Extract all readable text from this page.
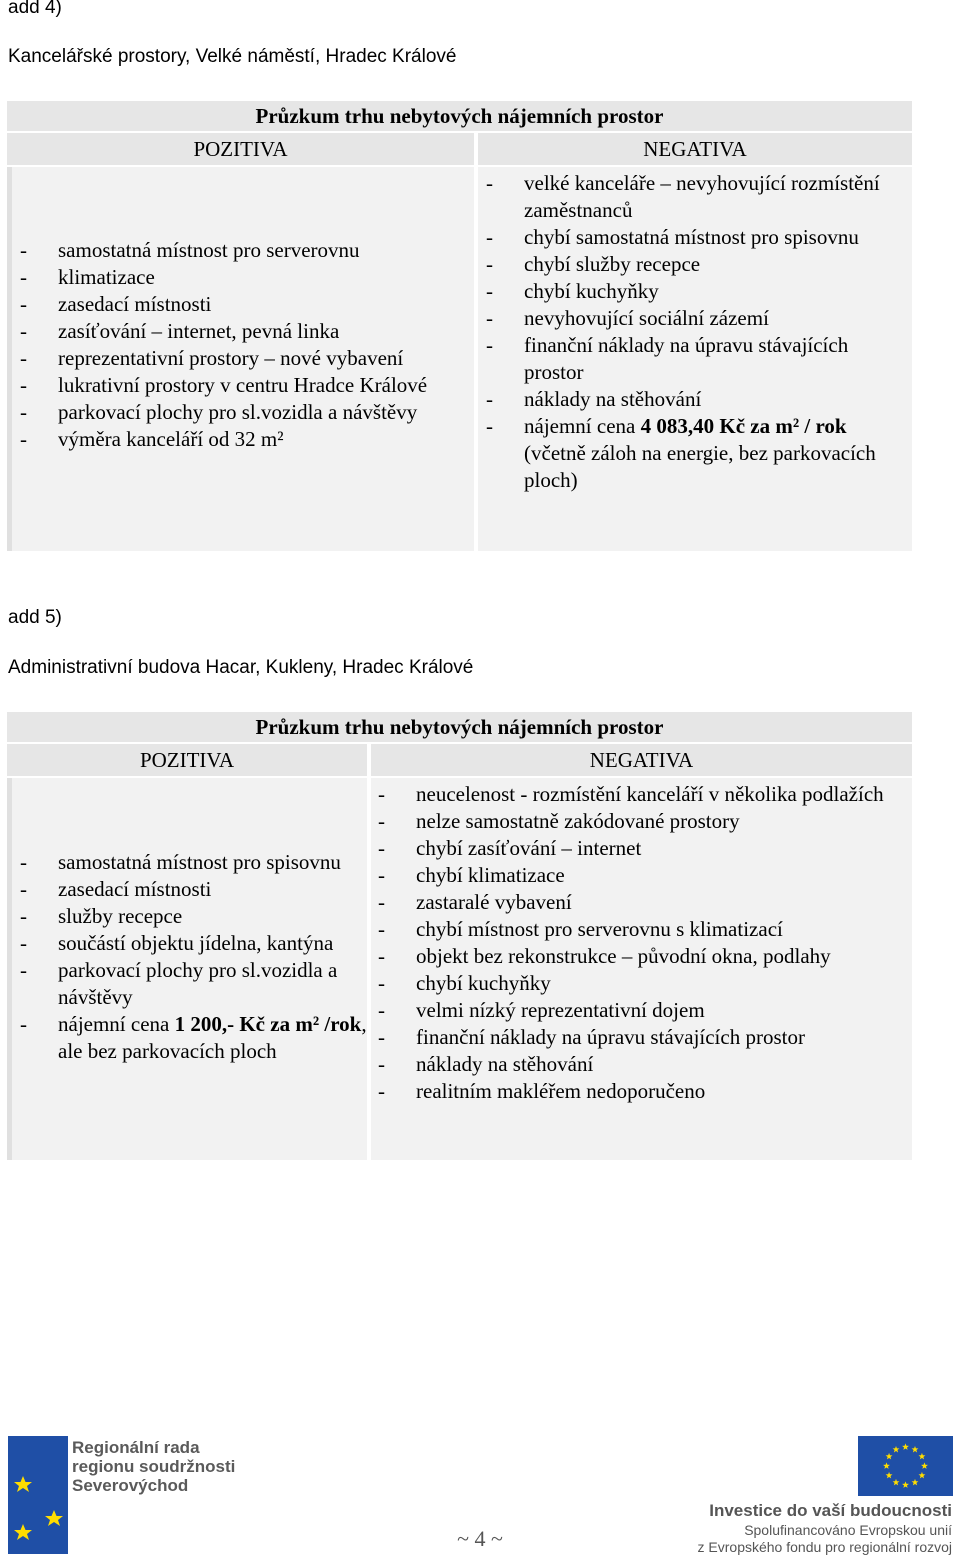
add 4)
Kancelářské prostory, Velké náměstí, Hradec Králové
Průzkum trhu nebytových nájemních prostor
POZITIVA	NEGATIVA
- samostatná místnost pro serverovnu
- klimatizace
- zasedací místnosti
- zasíťování – internet, pevná linka
- reprezentativní prostory – nové vybavení
- lukrativní prostory v centru Hradce Králové
- parkovací plochy pro sl.vozidla a návštěvy
- výměra kanceláří od 32 m²
- velké kanceláře – nevyhovující rozmístění zaměstnanců
- chybí samostatná místnost pro spisovnu
- chybí služby recepce
- chybí kuchyňky
- nevyhovující sociální zázemí
- finanční náklady na úpravu stávajících prostor
- náklady na stěhování
- nájemní cena 4 083,40 Kč za m² / rok (včetně záloh na energie, bez parkovacích ploch)
add 5)
Administrativní budova Hacar, Kukleny, Hradec Králové
Průzkum trhu nebytových nájemních prostor
POZITIVA	NEGATIVA
- samostatná místnost pro spisovnu
- zasedací místnosti
- služby recepce
- součástí objektu jídelna, kantýna
- parkovací plochy pro sl.vozidla a návštěvy
- nájemní cena 1 200,- Kč za m² /rok, ale bez parkovacích ploch
- neucelenost - rozmístění kanceláří v několika podlažích
- nelze samostatně zakódované prostory
- chybí zasíťování – internet
- chybí klimatizace
- zastaralé vybavení
- chybí místnost pro serverovnu s klimatizací
- objekt bez rekonstrukce – původní okna, podlahy
- chybí kuchyňky
- velmi nízký reprezentativní dojem
- finanční náklady na úpravu stávajících prostor
- náklady na stěhování
- realitním makléřem nedoporučeno
Regionální rada
regionu soudržnosti
Severovýchod
~ 4 ~
Investice do vaší budoucnosti
Spolufinancováno Evropskou unií
z Evropského fondu pro regionální rozvoj
